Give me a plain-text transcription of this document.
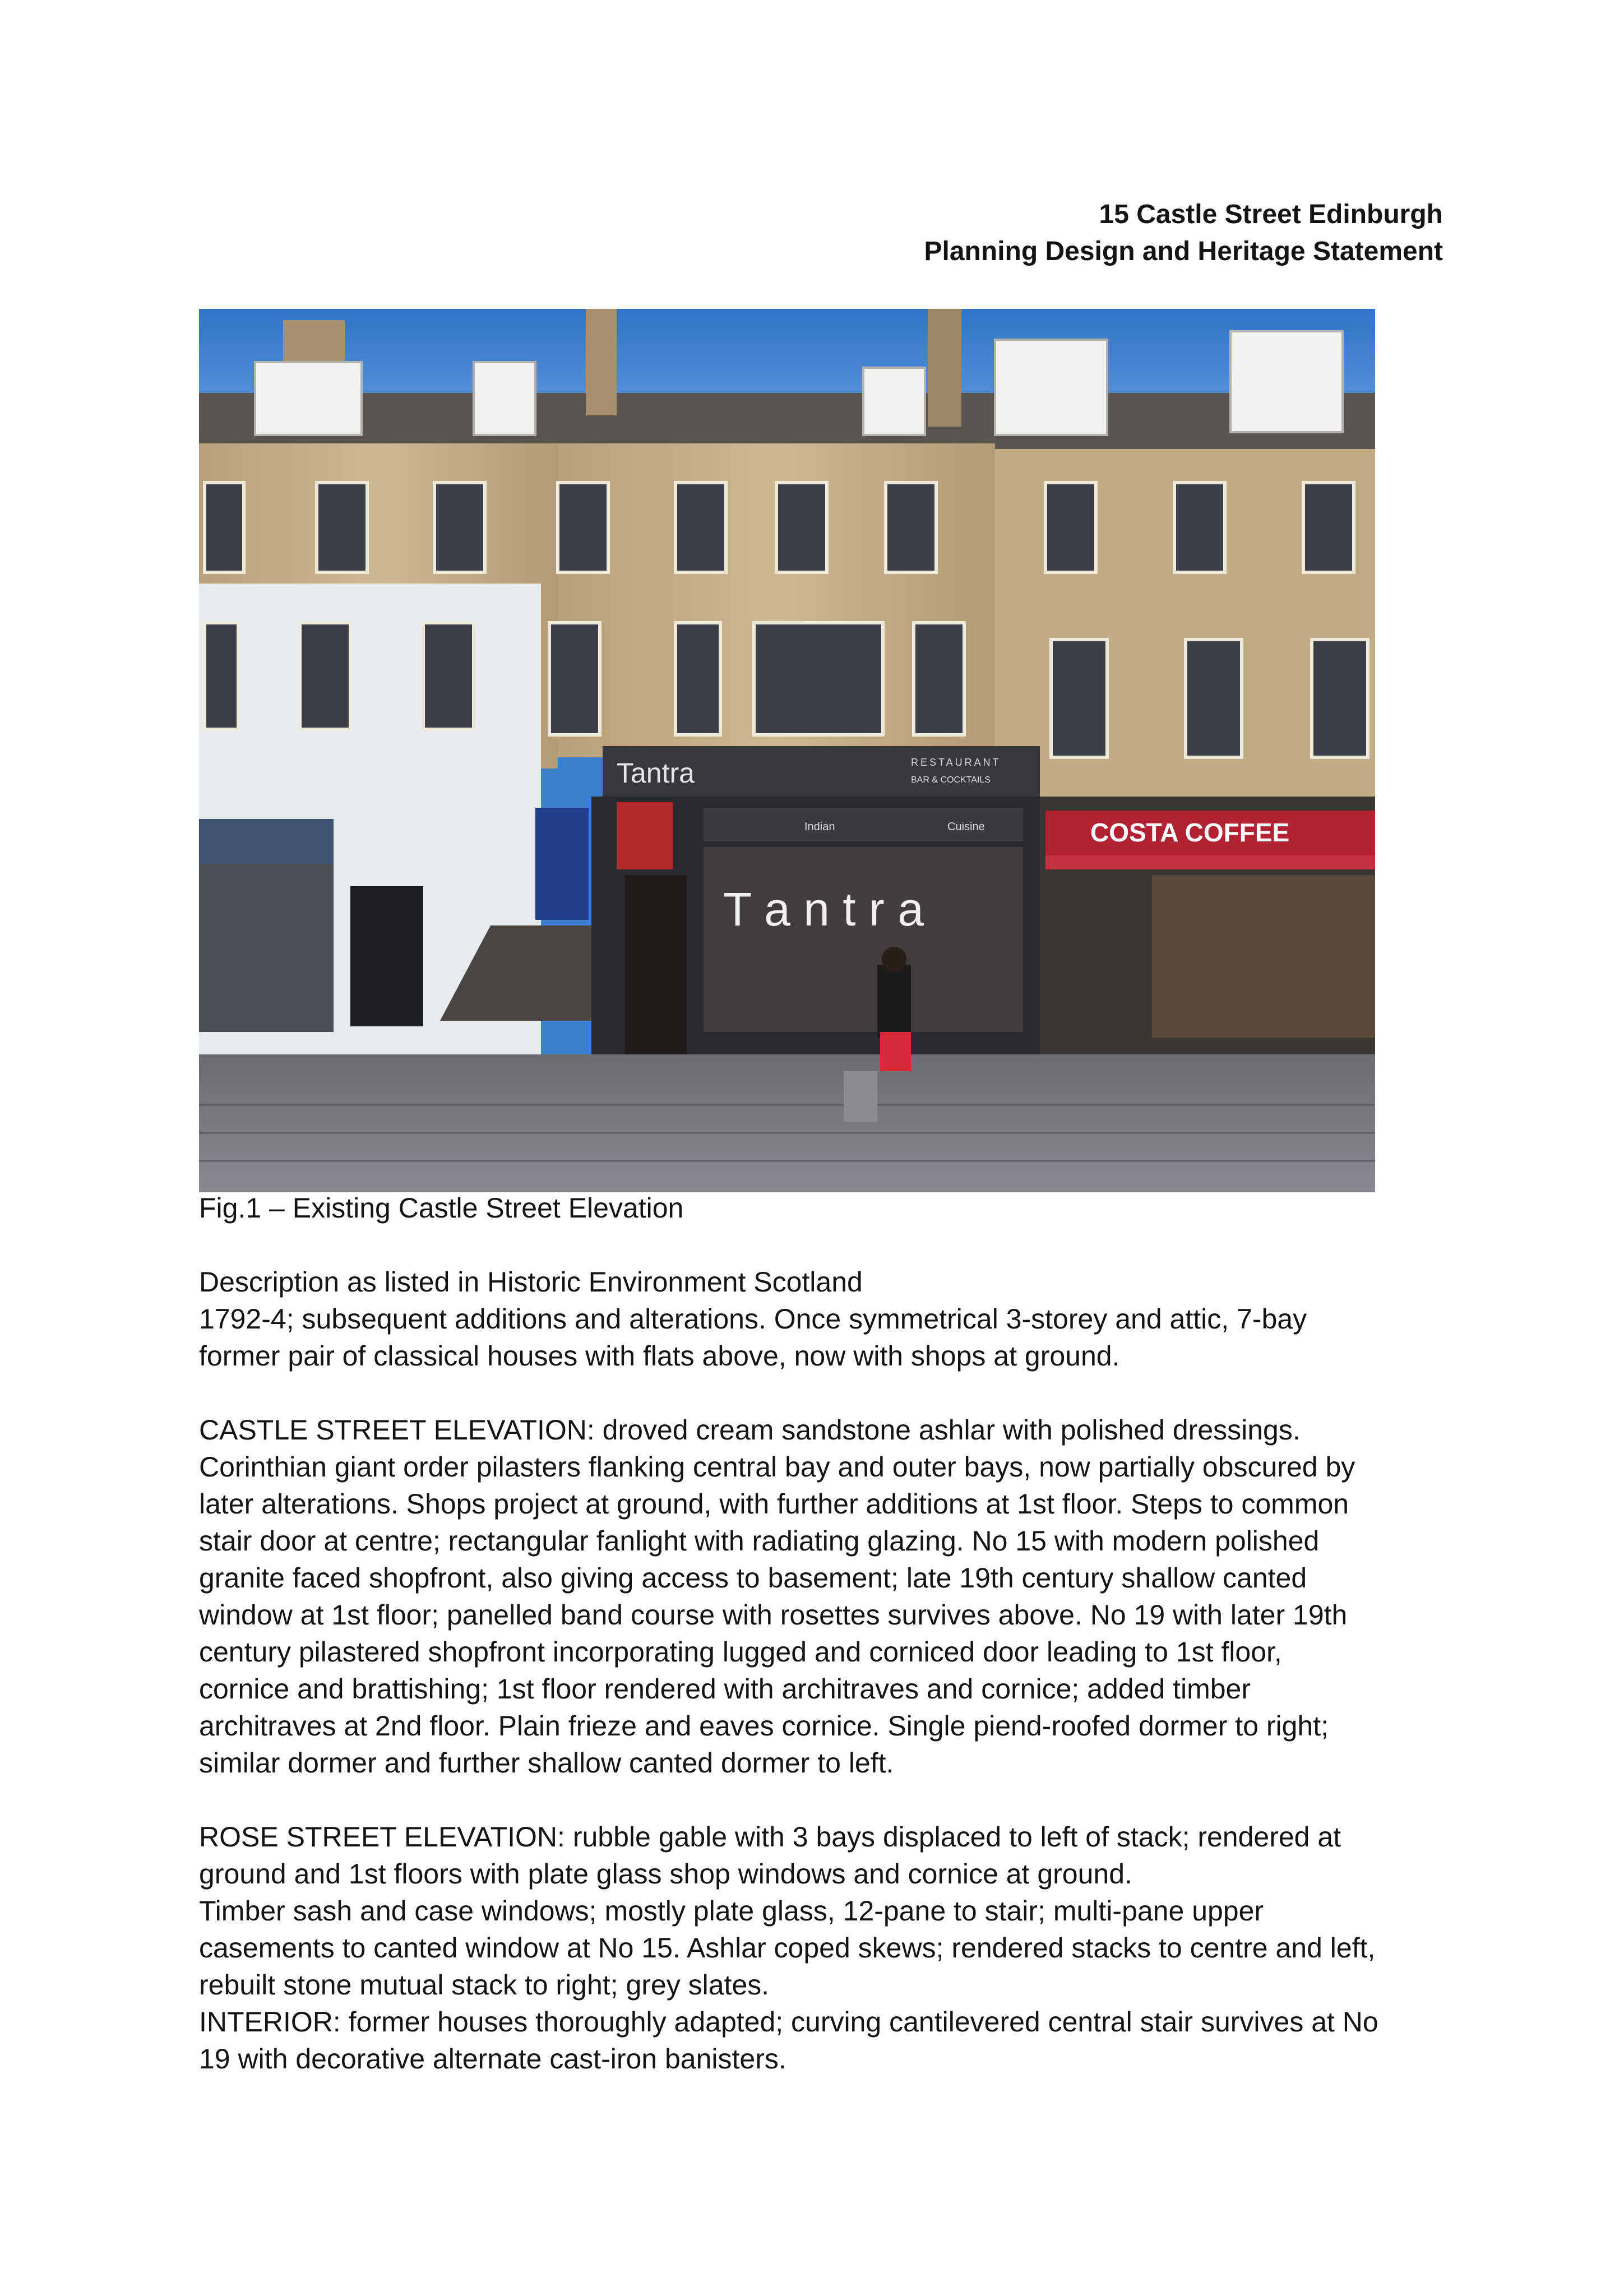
15 Castle Street Edinburgh
Planning Design and Heritage Statement
Tantra	RESTAURANT
BAR & COCKTAILS
Indian	Cuisine
T a n t r a
COSTA COFFEE
Fig.1 – Existing Castle Street Elevation

Description as listed in Historic Environment Scotland

1792-4; subsequent additions and alterations. Once symmetrical 3-storey and attic, 7-bay

former pair of classical houses with flats above, now with shops at ground.

CASTLE STREET ELEVATION: droved cream sandstone ashlar with polished dressings.

Corinthian giant order pilasters flanking central bay and outer bays, now partially obscured by

later alterations. Shops project at ground, with further additions at 1st floor. Steps to common

stair door at centre; rectangular fanlight with radiating glazing. No 15 with modern polished

granite faced shopfront, also giving access to basement; late 19th century shallow canted

window at 1st floor; panelled band course with rosettes survives above. No 19 with later 19th

century pilastered shopfront incorporating lugged and corniced door leading to 1st floor,

cornice and brattishing; 1st floor rendered with architraves and cornice; added timber

architraves at 2nd floor. Plain frieze and eaves cornice. Single piend-roofed dormer to right;

similar dormer and further shallow canted dormer to left.

ROSE STREET ELEVATION: rubble gable with 3 bays displaced to left of stack; rendered at

ground and 1st floors with plate glass shop windows and cornice at ground.

Timber sash and case windows; mostly plate glass, 12-pane to stair; multi-pane upper

casements to canted window at No 15. Ashlar coped skews; rendered stacks to centre and left,

rebuilt stone mutual stack to right; grey slates.

INTERIOR: former houses thoroughly adapted; curving cantilevered central stair survives at No

19 with decorative alternate cast-iron banisters.
